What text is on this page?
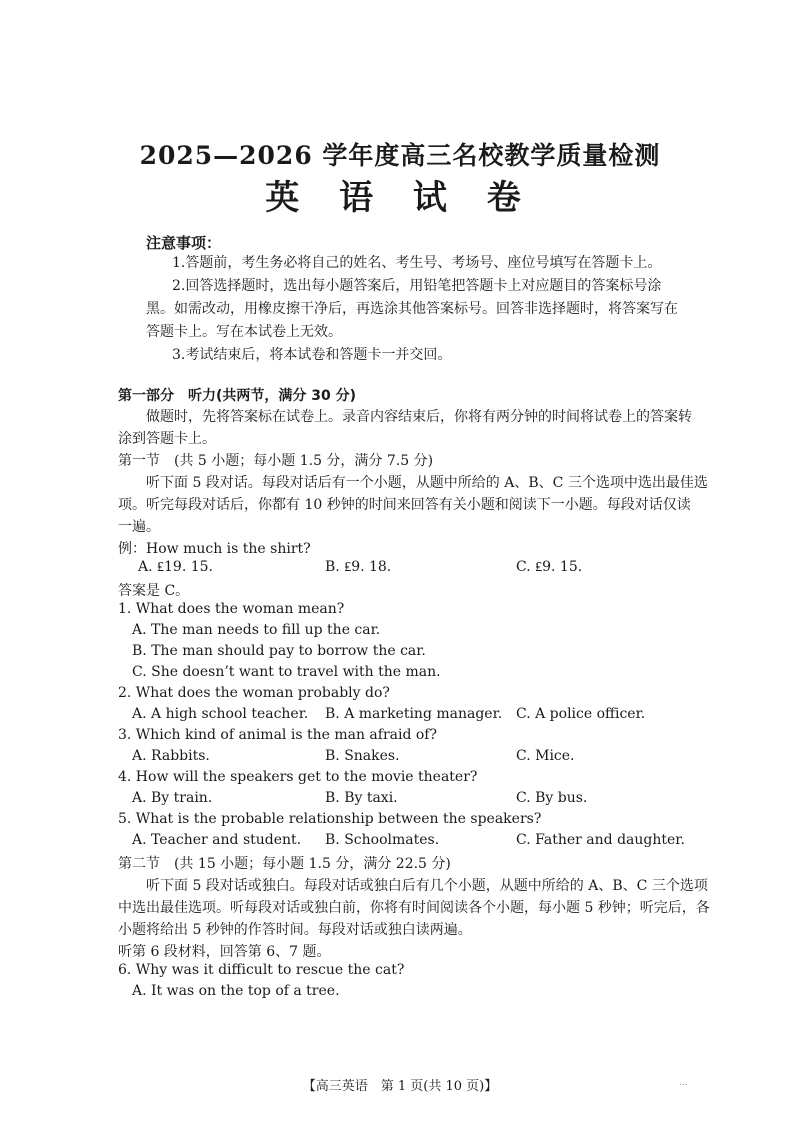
2025—2026 学年度高三名校教学质量检测
英 语 试 卷
注意事项：
1.答题前，考生务必将自己的姓名、考生号、考场号、座位号填写在答题卡上。
2.回答选择题时，选出每小题答案后，用铅笔把答题卡上对应题目的答案标号涂
黑。如需改动，用橡皮擦干净后，再选涂其他答案标号。回答非选择题时，将答案写在
答题卡上。写在本试卷上无效。
3.考试结束后，将本试卷和答题卡一并交回。
第一部分　听力(共两节，满分 30 分)
做题时，先将答案标在试卷上。录音内容结束后，你将有两分钟的时间将试卷上的答案转
涂到答题卡上。
第一节　(共 5 小题；每小题 1.5 分，满分 7.5 分)
听下面 5 段对话。每段对话后有一个小题，从题中所给的 A、B、C 三个选项中选出最佳选
项。听完每段对话后，你都有 10 秒钟的时间来回答有关小题和阅读下一小题。每段对话仅读
一遍。
例：How much is the shirt?
A. ₤19. 15.	B. ₤9. 18.	C. ₤9. 15.
答案是 C。
1. What does the woman mean?
A. The man needs to fill up the car.
B. The man should pay to borrow the car.
C. She doesn’t want to travel with the man.
2. What does the woman probably do?
A. A high school teacher. B. A marketing manager. C. A police officer.
3. Which kind of animal is the man afraid of?
A. Rabbits.	B. Snakes.	C. Mice.
4. How will the speakers get to the movie theater?
A. By train.	B. By taxi.	C. By bus.
5. What is the probable relationship between the speakers?
A. Teacher and student. B. Schoolmates.	C. Father and daughter.
第二节　(共 15 小题；每小题 1.5 分，满分 22.5 分)
听下面 5 段对话或独白。每段对话或独白后有几个小题，从题中所给的 A、B、C 三个选项
中选出最佳选项。听每段对话或独白前，你将有时间阅读各个小题，每小题 5 秒钟；听完后，各
小题将给出 5 秒钟的作答时间。每段对话或独白读两遍。
听第 6 段材料，回答第 6、7 题。
6. Why was it difficult to rescue the cat?
A. It was on the top of a tree.
【高三英语　第 1 页(共 10 页)】	...
